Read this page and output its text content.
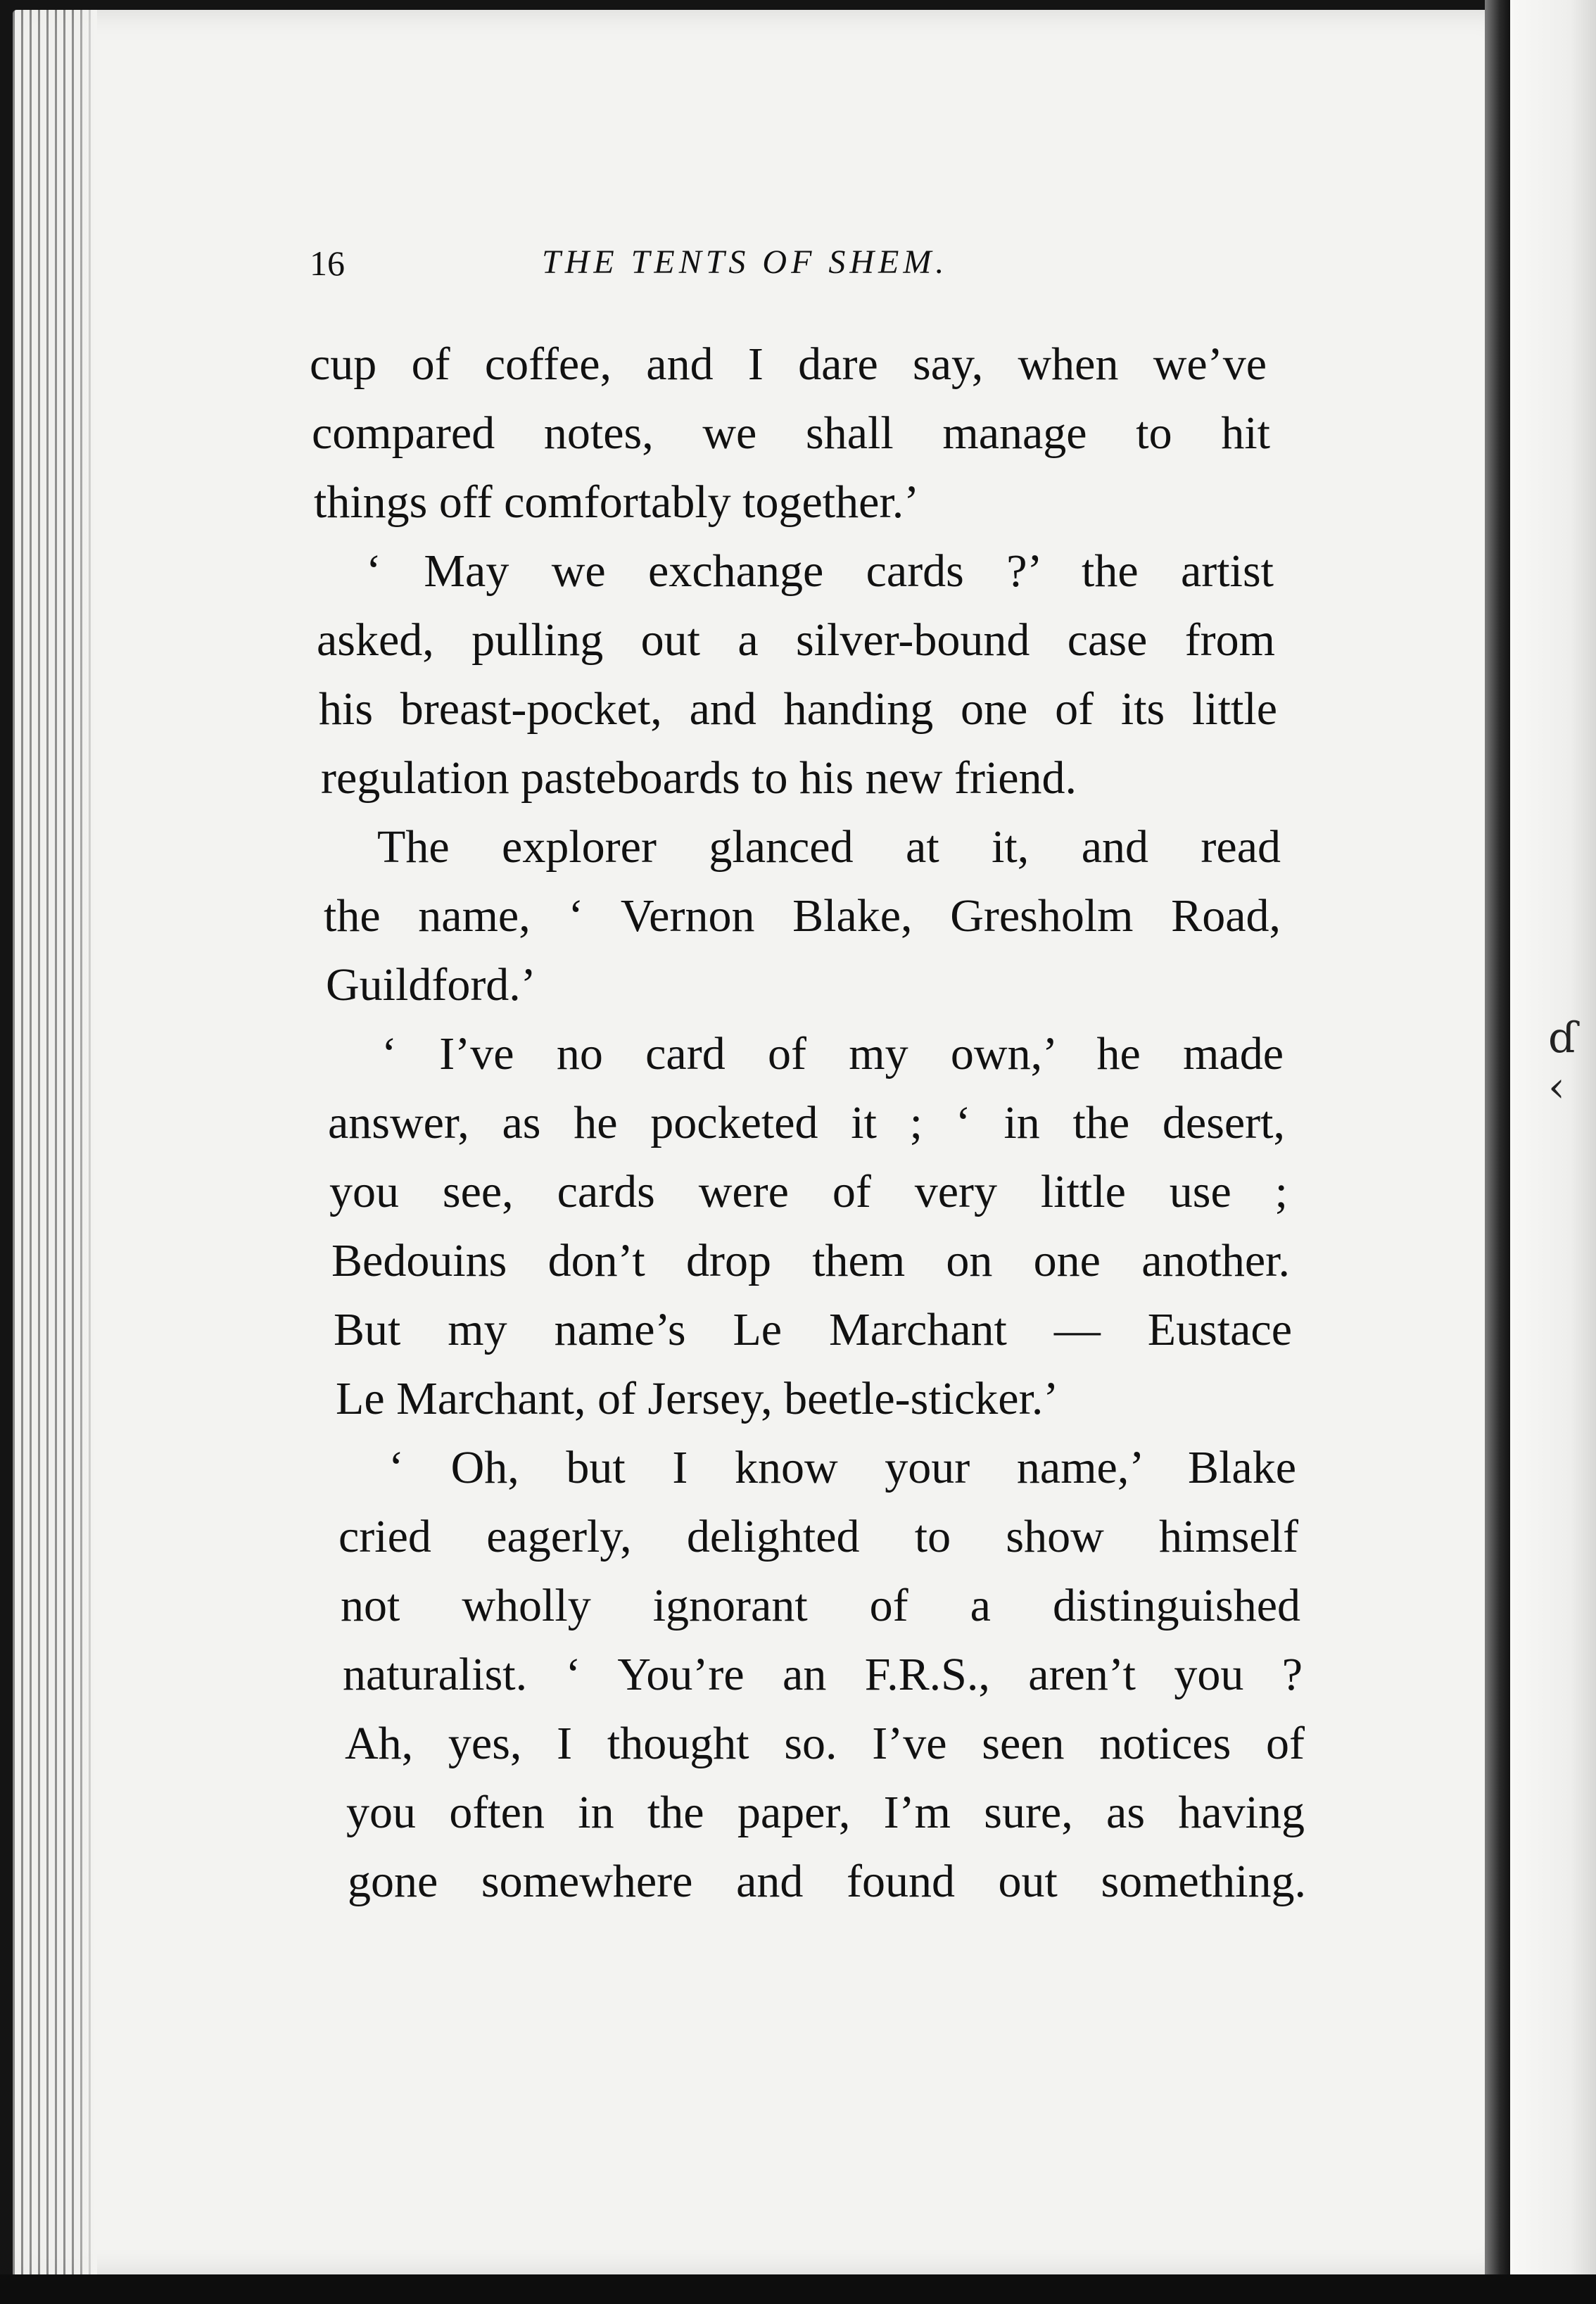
ɗ ‹
16	THE TENTS OF SHEM.
cup of coffee, and I dare say, when we’ve
compared notes, we shall manage to hit
things off comfortably together.’
‘ May we exchange cards ?’ the artist
asked, pulling out a silver-bound case from
his breast-pocket, and handing one of its little
regulation pasteboards to his new friend.
The explorer glanced at it, and read
the name, ‘ Vernon Blake, Gresholm Road,
Guildford.’
‘ I’ve no card of my own,’ he made
answer, as he pocketed it ; ‘ in the desert,
you see, cards were of very little use ;
Bedouins don’t drop them on one another.
But my name’s Le Marchant — Eustace
Le Marchant, of Jersey, beetle-sticker.’
‘ Oh, but I know your name,’ Blake
cried eagerly, delighted to show himself
not wholly ignorant of a distinguished
naturalist. ‘ You’re an F.R.S., aren’t you ?
Ah, yes, I thought so. I’ve seen notices of
you often in the paper, I’m sure, as having
gone somewhere and found out something.
